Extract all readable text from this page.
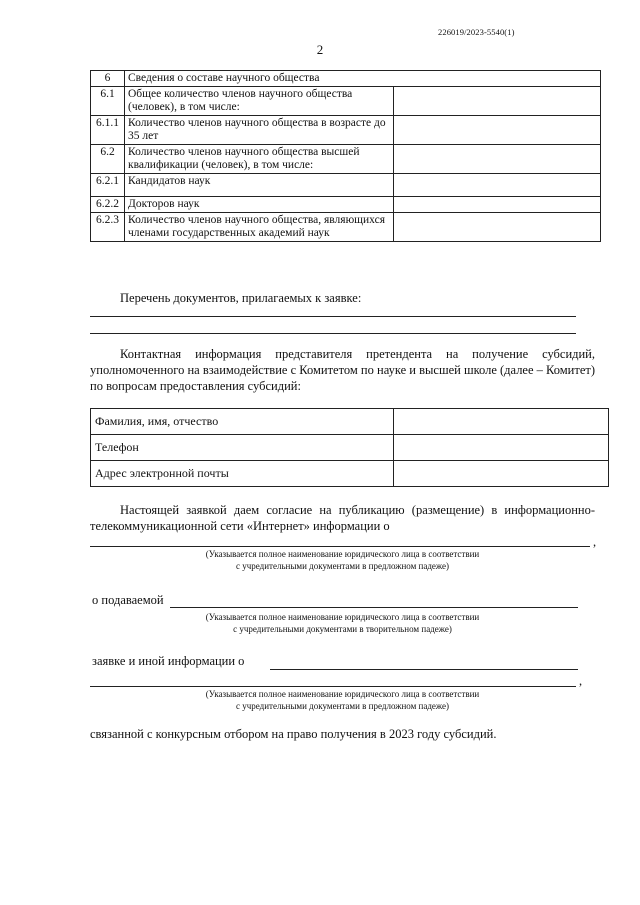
226019/2023-5540(1)
2
6	Сведения о составе научного общества	
6.1	Общее количество членов научного общества (человек), в том числе:	
6.1.1	Количество членов научного общества в возрасте до 35 лет	
6.2	Количество членов научного общества высшей квалификации (человек), в том числе:	
6.2.1	Кандидатов наук	
6.2.2	Докторов наук	
6.2.3	Количество членов научного общества, являющихся членами государственных академий наук	
Перечень документов, прилагаемых к заявке:
Контактная информация представителя претендента на получение субсидий, уполномоченного на взаимодействие с Комитетом по науке и высшей школе (далее – Комитет) по вопросам предоставления субсидий:
Фамилия, имя, отчество	
Телефон	
Адрес электронной почты	
Настоящей заявкой даем согласие на публикацию (размещение) в информационно-телекоммуникационной сети «Интернет» информации о
,
(Указывается полное наименование юридического лица в соответствии
с учредительными документами в предложном падеже)
о подаваемой
(Указывается полное наименование юридического лица в соответствии
с учредительными документами в творительном падеже)
заявке и иной информации о
,
(Указывается полное наименование юридического лица в соответствии
с учредительными документами в предложном падеже)
связанной с конкурсным отбором на право получения в 2023 году субсидий.
